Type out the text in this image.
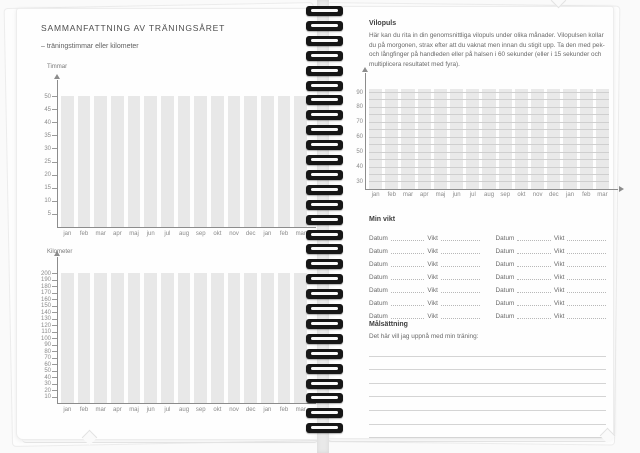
SAMMANFATTNING AV TRÄNINGSÅRET
– träningstimmar eller kilometer
Timmar
50
45
40
35
30
25
20
15
10
5
jan	feb	mar	apr	maj	jun	jul	aug sep	okt	nov dec	jan	feb	mar
Kilometer
200
190
180
170
160
150
140
130
120
110
100
90
80
70
60
50
40
30
20
10
jan	feb	mar	apr	maj	jun	jul	aug sep	okt	nov dec	jan	feb	mar
Vilopuls
Här kan du rita in din genomsnittliga vilopuls under olika månader. Vilopulsen kollar du på morgonen, strax efter att du vaknat men innan du stigit upp. Ta den med pek- och långfinger på handleden eller på halsen i 60 sekunder (eller i 15 sekunder och multiplicera resultatet med fyra).
90
80
70
60
50
40
30
jan	feb	mar	apr	maj	jun	jul	aug sep	okt	nov dec	jan	feb	mar
Min vikt
Datum	Vikt	Datum	Vikt
Datum	Vikt	Datum	Vikt
Datum	Vikt	Datum	Vikt
Datum	Vikt	Datum	Vikt
Datum	Vikt	Datum	Vikt
Datum	Vikt	Datum	Vikt
Datum	Vikt	Datum	Vikt
Målsättning
Det här vill jag uppnå med min träning:
